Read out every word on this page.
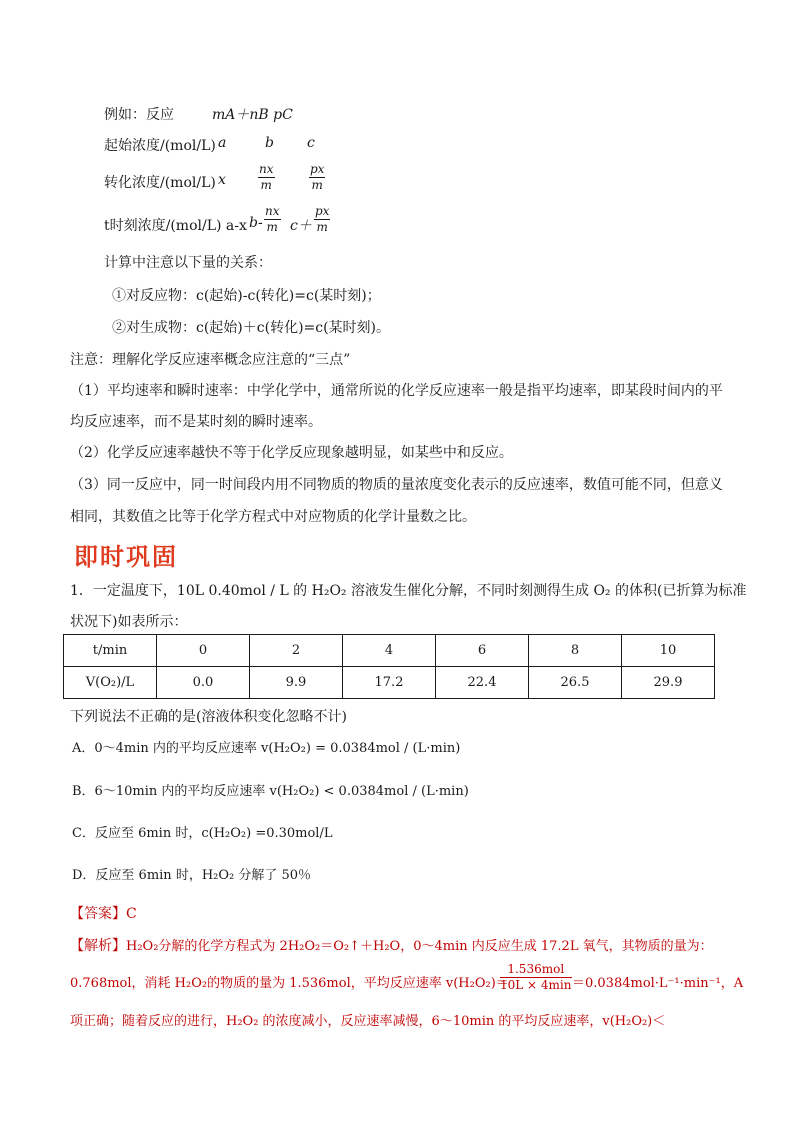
例如：反应	mA＋nB pC
起始浓度/(mol/L) a	b c
转化浓度/(mol/L) x	$\frac{nx}{m}$	$\frac{px}{m}$
t时刻浓度/(mol/L) a-x $b- \frac{nx}{m} c+ \frac{px}{m}$
计算中注意以下量的关系：
①对反应物：c(起始)-c(转化)=c(某时刻)；
②对生成物：c(起始)＋c(转化)=c(某时刻)。
注意：理解化学反应速率概念应注意的“三点”
（1）平均速率和瞬时速率：中学化学中，通常所说的化学反应速率一般是指平均速率，即某段时间内的平
均反应速率，而不是某时刻的瞬时速率。
（2）化学反应速率越快不等于化学反应现象越明显，如某些中和反应。
（3）同一反应中，同一时间段内用不同物质的物质的量浓度变化表示的反应速率，数值可能不同，但意义
相同，其数值之比等于化学方程式中对应物质的化学计量数之比。
即时巩固
1．一定温度下，10L 0.40mol / L 的 H₂O₂ 溶液发生催化分解，不同时刻测得生成 O₂ 的体积(已折算为标准
状况下)如表所示：
t/min	0	2	4	6	8	10
V(O₂)/L	0.0	9.9	17.2	22.4	26.5	29.9
下列说法不正确的是(溶液体积变化忽略不计)
A．0～4min 内的平均反应速率 v(H₂O₂) = 0.0384mol / (L·min)
B．6～10min 内的平均反应速率 v(H₂O₂) < 0.0384mol / (L·min)
C．反应至 6min 时，c(H₂O₂) =0.30mol/L
D．反应至 6min 时，H₂O₂ 分解了 50％
【答案】C
【解析】 H₂O₂分解的化学方程式为 2H₂O₂＝O₂↑＋H₂O，0～4min 内反应生成 17.2L 氧气，其物质的量为：
0.768mol，消耗 H₂O₂的物质的量为 1.536mol，平均反应速率 v(H₂O₂)＝
1.536mol
10L × 4min ＝0.0384mol·L⁻¹·min⁻¹，A
项正确；随着反应的进行，H₂O₂ 的浓度减小，反应速率减慢，6～10min 的平均反应速率，v(H₂O₂)＜
